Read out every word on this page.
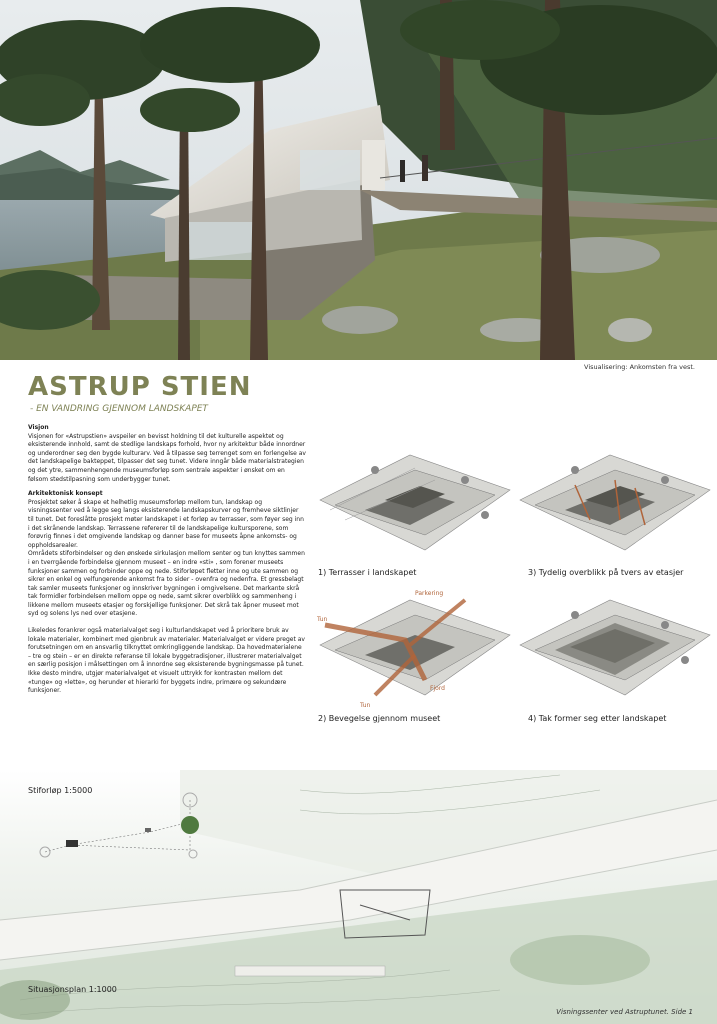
Visualisering: Ankomsten fra vest.
ASTRUP STIEN
- EN VANDRING GJENNOM LANDSKAPET
Visjon

Visjonen for «Astrupstien» avspeiler en bevisst holdning til det kulturelle aspektet og eksisterende innhold, samt de stedlige landskaps forhold, hvor ny arkitektur både innordner og underordner seg den bygde kulturarv. Ved å tilpasse seg terrenget som en forlengelse av det landskapelige bakteppet, tilpasser det seg tunet. Videre inngår både materialstrategien og det ytre, sammenhengende museumsforløp som sentrale aspekter i ønsket om en følsom stedstilpasning som underbygger tunet.

Arkitektonisk konsept

Prosjektet søker å skape et helhetlig museumsforløp mellom tun, landskap og visningssenter ved å legge seg langs eksisterende landskapskurver og fremheve siktlinjer til tunet. Det foreslåtte prosjekt møter landskapet i et forløp av terrasser, som føyer seg inn i det skrånende landskap. Terrassene refererer til de landskapelige kultursporene, som forøvrig finnes i det omgivende landskap og danner base for museets åpne ankomsts- og oppholdsarealer.

Områdets stiforbindelser og den ønskede sirkulasjon mellom senter og tun knyttes sammen i en tverrgående forbindelse gjennom museet – en indre «sti» , som forener museets funksjoner sammen og forbinder oppe og nede. Stiforløpet fletter inne og ute sammen og sikrer en enkel og velfungerende ankomst fra to sider - ovenfra og nedenfra. Et gressbelagt tak samler museets funksjoner og innskriver bygningen i omgivelsene. Det markante skrå tak formidler forbindelsen mellom oppe og nede, samt sikrer overblikk og sammenheng i likkene mellom museets etasjer og forskjellige funksjoner. Det skrå tak åpner museet mot syd og solens lys ned over etasjene.

Likeledes forankrer også materialvalget seg i kulturlandskapet ved å prioritere bruk av lokale materialer, kombinert med gjenbruk av materialer. Materialvalget er videre preget av forutsetningen om en ansvarlig tilknyttet omkringliggende landskap. Da hovedmaterialene – tre og stein – er en direkte referanse til lokale byggetradisjoner, illustrerer materialvalget en særlig posisjon i målsettingen om å innordne seg eksisterende bygningsmasse på tunet. Ikke desto mindre, utgjør materialvalget et visuelt uttrykk for kontrasten mellom det «tunge» og «lette», og herunder et hierarki for byggets indre, primære og sekundære funksjoner.

1) Terrasser i landskapet	3) Tydelig overblikk på tvers av etasjer
Parkering
Tun
Tun
Fjord
2) Bevegelse gjennom museet	4) Tak former seg etter landskapet
Stiforløp 1:5000
Situasjonsplan 1:1000
Visningssenter ved Astruptunet. Side 1
